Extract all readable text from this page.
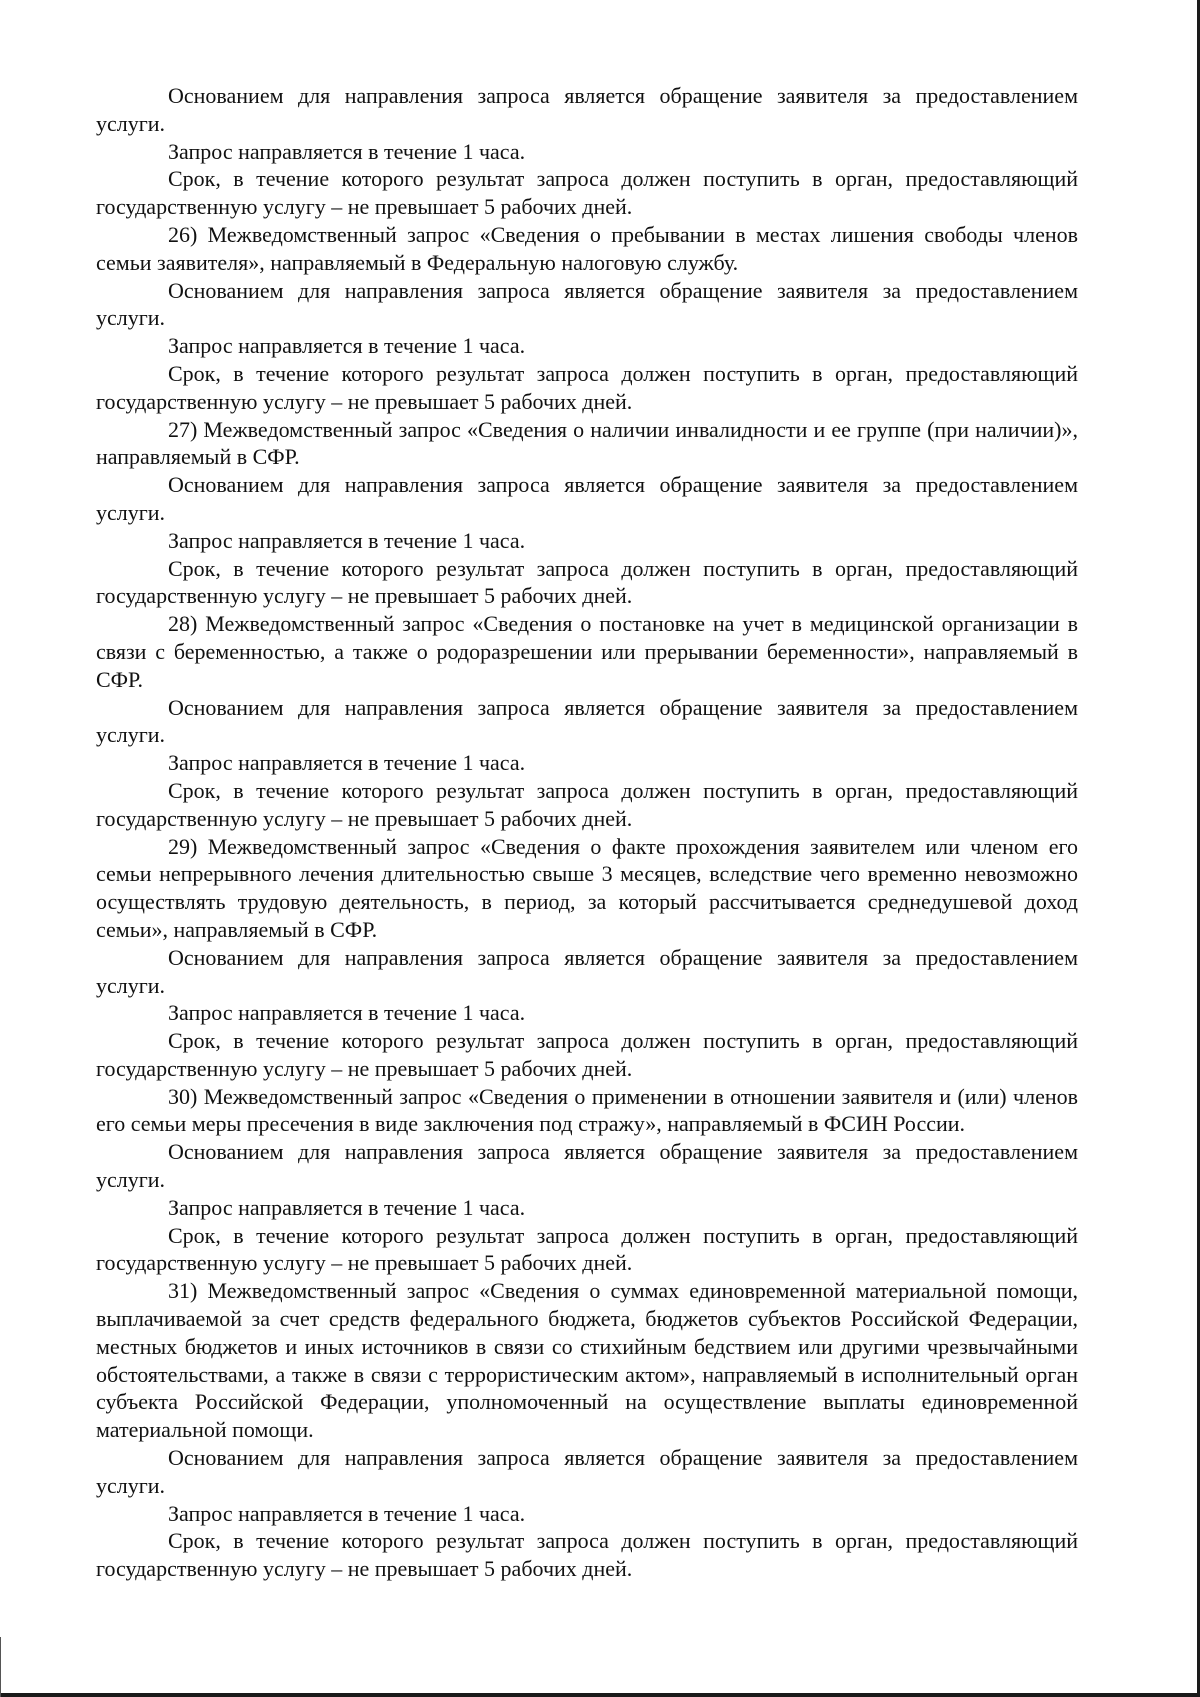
Основанием для направления запроса является обращение заявителя за предоставлением услуги.

Запрос направляется в течение 1 часа.

Срок, в течение которого результат запроса должен поступить в орган, предоставляющий государственную услугу – не превышает 5 рабочих дней.

26) Межведомственный запрос «Сведения о пребывании в местах лишения свободы членов семьи заявителя», направляемый в Федеральную налоговую службу.

Основанием для направления запроса является обращение заявителя за предоставлением услуги.

Запрос направляется в течение 1 часа.

Срок, в течение которого результат запроса должен поступить в орган, предоставляющий государственную услугу – не превышает 5 рабочих дней.

27) Межведомственный запрос «Сведения о наличии инвалидности и ее группе (при наличии)», направляемый в СФР.

Основанием для направления запроса является обращение заявителя за предоставлением услуги.

Запрос направляется в течение 1 часа.

Срок, в течение которого результат запроса должен поступить в орган, предоставляющий государственную услугу – не превышает 5 рабочих дней.

28) Межведомственный запрос «Сведения о постановке на учет в медицинской организации в связи с беременностью, а также о родоразрешении или прерывании беременности», направляемый в СФР.

Основанием для направления запроса является обращение заявителя за предоставлением услуги.

Запрос направляется в течение 1 часа.

Срок, в течение которого результат запроса должен поступить в орган, предоставляющий государственную услугу – не превышает 5 рабочих дней.

29) Межведомственный запрос «Сведения о факте прохождения заявителем или членом его семьи непрерывного лечения длительностью свыше 3 месяцев, вследствие чего временно невозможно осуществлять трудовую деятельность, в период, за который рассчитывается среднедушевой доход семьи», направляемый в СФР.

Основанием для направления запроса является обращение заявителя за предоставлением услуги.

Запрос направляется в течение 1 часа.

Срок, в течение которого результат запроса должен поступить в орган, предоставляющий государственную услугу – не превышает 5 рабочих дней.

30) Межведомственный запрос «Сведения о применении в отношении заявителя и (или) членов его семьи меры пресечения в виде заключения под стражу», направляемый в ФСИН России.

Основанием для направления запроса является обращение заявителя за предоставлением услуги.

Запрос направляется в течение 1 часа.

Срок, в течение которого результат запроса должен поступить в орган, предоставляющий государственную услугу – не превышает 5 рабочих дней.

31) Межведомственный запрос «Сведения о суммах единовременной материальной помощи, выплачиваемой за счет средств федерального бюджета, бюджетов субъектов Российской Федерации, местных бюджетов и иных источников в связи со стихийным бедствием или другими чрезвычайными обстоятельствами, а также в связи с террористическим актом», направляемый в исполнительный орган субъекта Российской Федерации, уполномоченный на осуществление выплаты единовременной материальной помощи.

Основанием для направления запроса является обращение заявителя за предоставлением услуги.

Запрос направляется в течение 1 часа.

Срок, в течение которого результат запроса должен поступить в орган, предоставляющий государственную услугу – не превышает 5 рабочих дней.
